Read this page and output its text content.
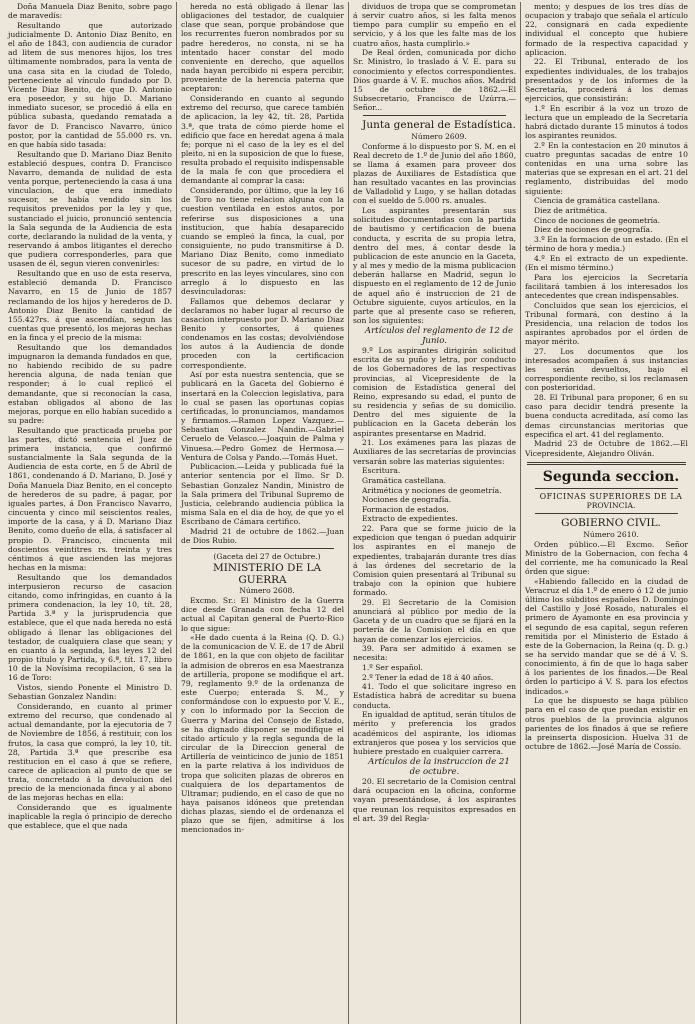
Doña Manuela Diaz Benito, sobre pago de maravedís:

Resultando que autorizado judicialmente D. Antonio Diaz Benito, en el año de 1843, con audiencia de curador ad litem de sus menores hijos, los tres últimamente nombrados, para la venta de una casa sita en la ciudad de Toledo, perteneciente al vínculo fundado por D. Vicente Diaz Benito, de que D. Antonio era poseedor, y su hijo D. Mariano inmediato sucesor, se procedió á ella en pública subasta, quedando rematada a favor de D. Francisco Navarro, único postor, por la cantidad de 55.000 rs. vn. en que había sido tasada:

Resultando que D. Mariano Diaz Benito estableció despues, contra D. Francisco Navarro, demanda de nulidad de esta venta porque, perteneciendo la casa á una vinculacion, de que era inmediato sucesor, se había vendido sin los requisitos prevenidos por la ley y que, sustanciado el juicio, pronunció sentencia la Sala segunda de la Audiencia de esta corte, declarando la nulidad de la venta, y reservando á ambos litigantes el derecho que pudiera corresponderles, para que usasen de él, segun vieren convenirles:

Resultando que en uso de esta reserva, estableció demanda D. Francisco Navarro, en 15 de Junio de 1857 reclamando de los hijos y herederos de D. Antonio Diaz Benito la cantidad de 155.427rs. á que ascendían, segun las cuentas que presentó, los mejoras hechas en la finca y el precio de la misma:

Resultando que los demandados impugnaron la demanda fundados en que, no habiendo recibido de su padre herencia alguna, de nada tenían que responder; á lo cual replicó el demandante, que si reconocían la casa, estaban obligados al abono de las mejoras, porque en ello habían sucedido a su padre:

Resultando que practicada prueba por las partes, dictó sentencia el Juez de primera instancia, que confirmó sustancialmente la Sala segunda de la Audiencia de esta corte, en 5 de Abril de 1861, condenando á D. Mariano, D. José y Doña Manuela Diaz Benito, en el concepto de herederos de su padre, á pagar, por iguales partes, á Don Francisco Navarro, cincuenta y cinco mil seiscientos reales, importe de la casa, y á D. Mariano Diaz Benito, como dueño de ella, á satisfacer al propio D. Francisco, cincuenta mil doscientos veintitres rs. treinta y tres céntimos á que ascienden las mejoras hechas en la misma:

Resultando que los demandados interpusieron recurso de casacion citando, como infringidas, en cuanto á la primera condenacion, la ley 10, tít. 28, Partida 3.ª y la jurisprudencia que establece, que el que nada hereda no está obligado á llenar las obligaciones del testador, de cualquiera clase que sean; y en cuanto á la segunda, las leyes 12 del propio título y Partida, y 6.ª, tít. 17, libro 10 de la Novísima recopilacion, 6 sea la 16 de Toro:

Vistos, siendo Ponente el Ministro D. Sebastian Gonzalez Nandin:

Considerando, en cuanto al primer extremo del recurso, que condenado al actual demandante, por la ejecutoria de 7 de Noviembre de 1856, á restituir, con los frutos, la casa que compró, la ley 10, tít. 28, Partida 3.ª que prescribe esa restitucion en el caso á que se refiere, carece de aplicacion al punto de que se trata, concretado á la devolucion del precio de la mencionada finca y al abono de las mejoras hechas en ella:

Considerando que es igualmente inaplicable la regla ó principio de derecho que establece, que el que nada

hereda no está obligado á llenar las obligaciones del testador, de cualquier clase que sean, porque probándose que los recurrentes fueron nombrados por su padre herederos, no consta, ni se ha intentado hacer constar del modo conveniente en derecho, que aquellos nada hayan percibido ni espera percibir, proveniente de la herencia paterna que aceptaron:

Considerando en cuanto al segundo extremo del recurso, que carece también de aplicacion, la ley 42, tít. 28, Partida 3.ª, que trata de cómo pierde home el edificio que face en heredat agena á mala fe; porque ni el caso de la ley es el del pleito, ni en la suposicion de que lo fuese, resulta probado el requisito indispensable de la mala fe con que procediera el demandante al comprar la casa:

Considerando, por último, que la ley 16 de Toro no tiene relacion alguna con la cuestion ventilada en estos autos, por referirse sus disposiciones a una institucion, que había desaparecido cuando se empleó la finca, la cual, por consiguiente, no pudo transmitirse á D. Mariano Diaz Benito, como inmediato sucesor de su padre, en virtud de lo prescrito en las leyes vinculares, sino con arreglo á lo dispuesto en las desvinculadoras:

Fallamos que debemos declarar y declaramos no haber lugar al recurso de casacion interpuesto por D. Mariano Diaz Benito y consortes, á quienes condenamos en las costas; devolviéndose los autos á la Audiencia de donde proceden con la certificacion correspondiente.

Así por esta nuestra sentencia, que se publicará en la Gaceta del Gobierno é insertará en la Coleccion legislativa, para lo cual se pasen las oportunas copias certificadas, lo pronunciamos, mandamos y firmamos.—Ramon Lopez Vazquez.—Sebastian Gonzalez Nandin.—Gabriel Ceruelo de Velasco.—Joaquin de Palma y Vinuesa.—Pedro Gomez de Hermosa.—Ventura de Colsa y Pando.—Tomás Huet.

Publicacion.—Leida y publicada fué la anterior sentencia por el Ilmo. Sr D. Sebastian Gonzalez Nandin, Ministro de la Sala primera del Tribunal Supremo de Justicia, celebrando audiencia pública la misma Sala en el dia de hoy, de que yo el Escribano de Cámara certifico.

Madrid 21 de octubre de 1862.—Juan de Dios Rubio.

(Gaceta del 27 de Octubre.)

MINISTERIO DE LA GUERRA

Número 2608.

Excmo. Sr.: El Ministro de la Guerra dice desde Granada con fecha 12 del actual al Capitan general de Puerto-Rico lo que sigue:

«He dado cuenta á la Reina (Q. D. G.) de la comunicacion de V. E. de 17 de Abril de 1861, en la que con objeto de facilitar la admision de obreros en esa Maestranza de artillería, propone se modifique el art. 79, reglamento 9.º de la ordenanza de este Cuerpo; enterada S. M., y conformándose con lo expuesto por V. E., y con lo informado por la Seccion de Guerra y Marina del Consejo de Estado, se ha dignado disponer se modifique el citado artículo y la regla segunda de la circular de la Direccion general de Artillería de veinticinco de junio de 1851 en la parte relativa á los individuos de tropa que soliciten plazas de obreros en cualquiera de los departamentos de Ultramar; pudiendo, en el caso de que no haya paisanos idóneos que pretendan dichas plazas, siendo el de ordenanza el plazo que se fijen, admitirse á los mencionados in-

dividuos de tropa que se comprometan á servir cuatro años, si les falta menos tiempo para cumplir su empeño en el servicio, y á los que les falte mas de los cuatro años, hasta cumplirlo.»

De Real órden, comunicada por dicho Sr. Ministro, lo traslado á V. E. para su conocimiento y efectos correspondientes. Dios guarde á V. E. muchos años. Madrid 15 de octubre de 1862.—El Subsecretario, Francisco de Uzúrra.—Señor...

Junta general de Estadística.

Número 2609.

Conforme á lo dispuesto por S. M. en el Real decreto de 1.º de Junio del año 1860, se llama á examen para proveer dos plazas de Auxiliares de Estadística que han resultado vacantes en las provincias de Valladolid y Lugo, y se hallan dotadas con el sueldo de 5.000 rs. anuales.

Los aspirantes presentarán sus solicitudes documentadas con la partida de bautismo y certificacion de buena conducta, y escrita de su propia letra, dentro del mes, á contar desde la publicacion de este anuncio en la Gaceta, y al mes y medio de la misma publicacion deberán hallarse en Madrid, segun lo dispuesto en el reglamento de 12 de Junio de aquel año é instruccion de 21 de Octubre siguiente, cuyos artículos, en la parte que al presente caso se refieren, son los siguientes:

Artículos del reglamento de 12 de Junio.

9.º Los aspirantes dirigirán solicitud escrita de su puño y letra, por conducto de los Gobernadores de las respectivas provincias, al Vicepresidente de la comision de Estadística general del Reino, expresando su edad, el punto de su residencia y señas de su domicilio. Dentro del mes siguiente de la publicacion en la Gaceta deberán los aspirantes presentarse en Madrid.

21. Los exámenes para las plazas de Auxiliares de las secretarías de provincias versarán sobre las materias siguientes:

Escritura.

Gramática castellana.

Aritmética y nociones de geometría.

Nociones de geografía.

Formacion de estados.

Extracto de expedientes.

22. Para que se forme juicio de la expedicion que tengan ó puedan adquirir los aspirantes en el manejo de expedientes, trabajarán durante tres días á las órdenes del secretario de la Comision quien presentará al Tribunal su trabajo con la opinion que hubiere formado.

29. El Secretario de la Comision anunciará al público por medio de la Gaceta y de un cuadro que se fijará en la portería de la Comision el día en que hayan de comenzar los ejercicios.

39. Para ser admitido á examen se necesita:

1.º Ser español.

2.º Tener la edad de 18 á 40 años.

41. Todo el que solicitare ingreso en Estadística habrá de acreditar su buena conducta.

En igualdad de aptitud, serán títulos de mérito y preferencia los grados académicos del aspirante, los idiomas extranjeros que posea y los servicios que hubiere prestado en cualquier carrera.

Artículos de la instruccion de 21 de octubre.

20. El secretario de la Comision central dará ocupacion en la oficina, conforme vayan presentándose, á los aspirantes que reunan los requisitos expresados en el art. 39 del Regla-

mento; y despues de los tres días de ocupacion y trabajo que señala el artículo 22, consignará en cada expediente individual el concepto que hubiere formado de la respectiva capacidad y aplicacion.

22. El Tribunal, enterado de los expedientes individuales, de los trabajos presentados y de los informes de la Secretaría, procederá á los demas ejercicios, que consistirán:

1.º En escribir á la voz un trozo de lectura que un empleado de la Secretaría habrá dictado durante 15 minutos á todos los aspirantes reunidos.

2.º En la contestacion en 20 minutos á cuatro preguntas sacadas de entre 10 contenidas en una urna sobre las materias que se expresan en el art. 21 del reglamento, distribuidas del modo siguiente:

Ciencia de gramática castellana.

Diez de aritmética.

Cinco de nociones de geometría.

Diez de nociones de geografía.

3.º En la formacion de un estado. (En el término de hora y media.)

4.º En el extracto de un expediente. (En el mismo término.)

Para los ejercicios la Secretaría facilitará tambien á los interesados los antecedentes que crean indispensables.

Concluidos que sean los ejercicios, el Tribunal formará, con destino á la Presidencia, una relacion de todos los aspirantes aprobados por el órden de mayor mérito.

27. Los documentos que los interesados acompañen á sus instancias les serán devueltos, bajo el correspondiente recibo, si los reclamasen con posterioridad.

28. El Tribunal para proponer, 6 en su caso para decidir tendrá presente la buena conducta acreditada, así como las demas circunstancias meritorias que especifica el art. 41 del reglamento.

Madrid 23 de Octubre de 1862.—El Vicepresidente, Alejandro Oliván.

Segunda seccion.

OFICINAS SUPERIORES DE LA

PROVINCIA.

GOBIERNO CIVIL.

Número 2610.

Orden público.—El Excmo. Señor Ministro de la Gobernacion, con fecha 4 del corriente, me ha comunicado la Real órden que sigue:

«Habiendo fallecido en la ciudad de Veracruz el día 1.º de enero ó 12 de junio último los súbditos españoles D. Domingo del Castillo y José Rosado, naturales el primero de Ayamonte en esa provincia y el segundo de esa capital, segun referen remitida por el Ministerio de Estado á este de la Gobernacion, la Reina (q. D. g.) se ha servido mandar que se dé á V. S. conocimiento, á fin de que lo haga saber á los parientes de los finados.—De Real órden lo participo á V. S. para los efectos indicados.»

Lo que he dispuesto se haga público para en el caso de que puedan existir en otros pueblos de la provincia algunos parientes de los finados á que se refiere la preinserta disposicion. Huelva 31 de octubre de 1862.—José María de Cossío.
